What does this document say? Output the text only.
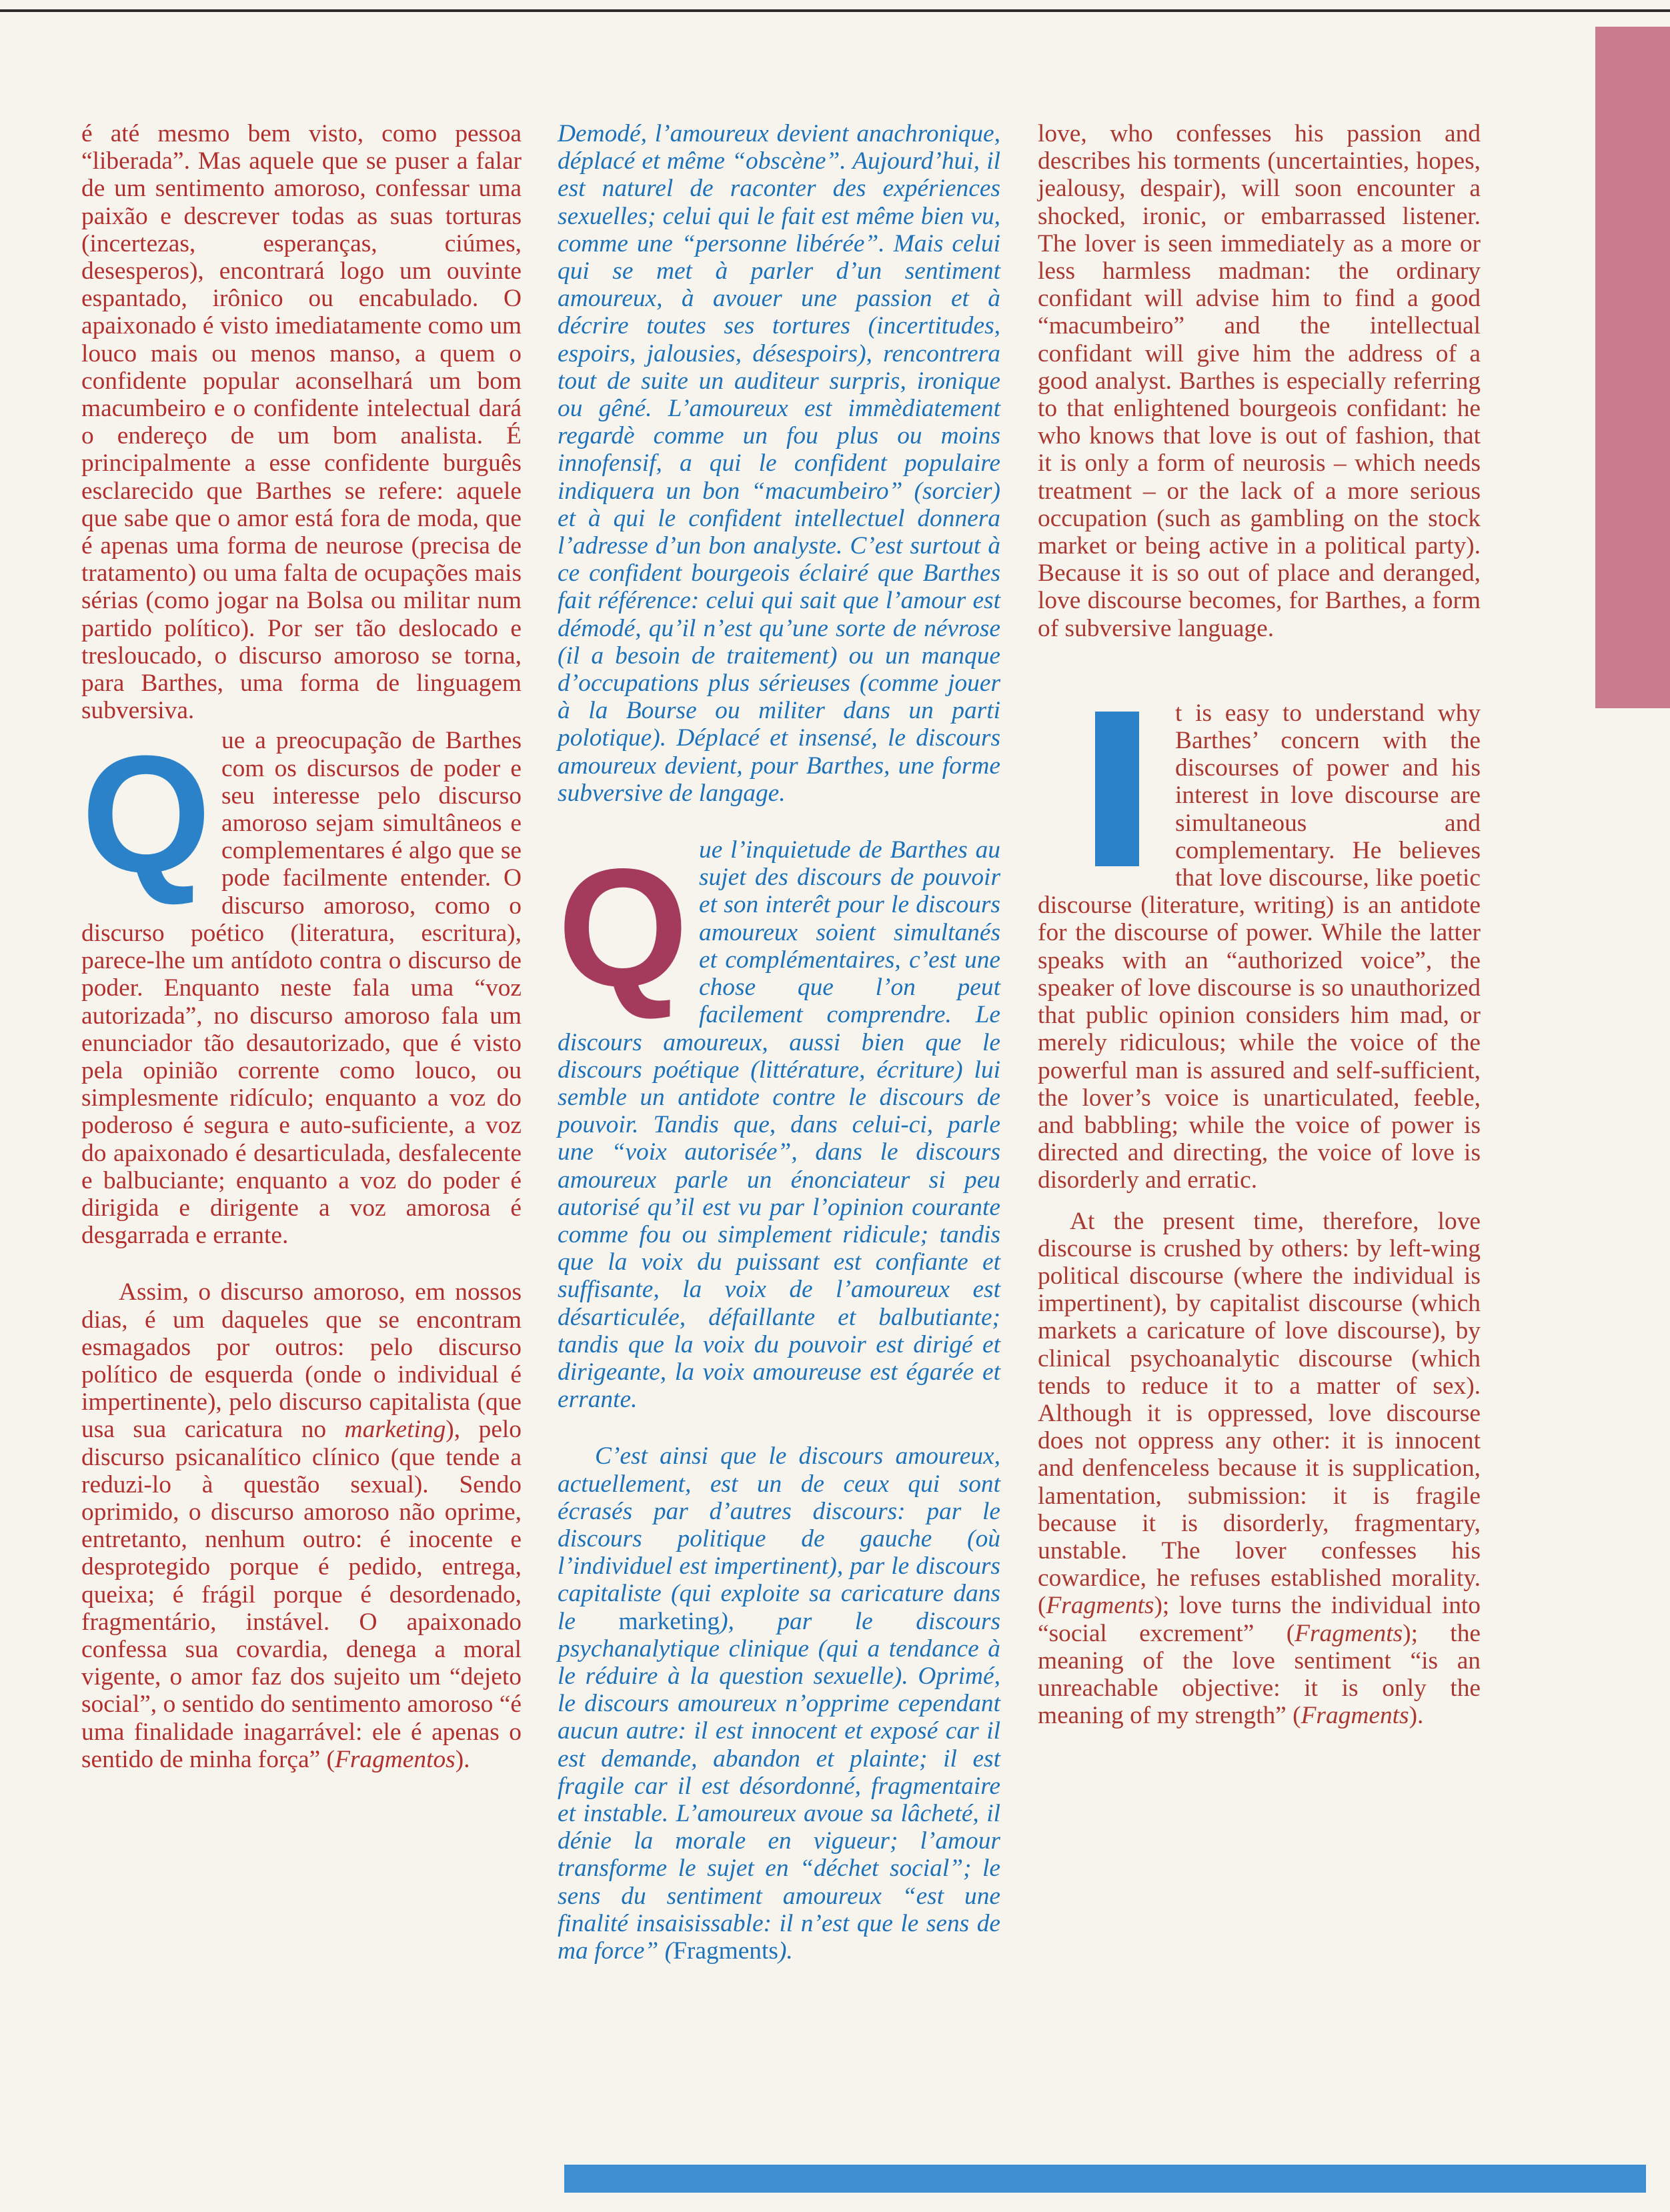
é até mesmo bem visto, como pessoa “liberada”. Mas aquele que se puser a falar de um sentimento amoroso, confessar uma paixão e descrever todas as suas torturas (incertezas, esperanças, ciúmes, desesperos), encontrará logo um ouvinte espantado, irônico ou encabulado. O apaixonado é visto imediatamente como um louco mais ou menos manso, a quem o confidente popular aconselhará um bom macumbeiro e o confidente intelectual dará o endereço de um bom analista. É principalmente a esse confidente burguês esclarecido que Barthes se refere: aquele que sabe que o amor está fora de moda, que é apenas uma forma de neurose (precisa de tratamento) ou uma falta de ocupações mais sérias (como jogar na Bolsa ou militar num partido político). Por ser tão deslocado e tresloucado, o discurso amoroso se torna, para Barthes, uma forma de linguagem subversiva.

Que a preocupação de Barthes com os discursos de poder e seu interesse pelo discurso amoroso sejam simultâneos e complementares é algo que se pode facilmente entender. O discurso amoroso, como o discurso poético (literatura, escritura), parece-lhe um antídoto contra o discurso de poder. Enquanto neste fala uma “voz autorizada”, no discurso amoroso fala um enunciador tão desautorizado, que é visto pela opinião corrente como louco, ou simplesmente ridículo; enquanto a voz do poderoso é segura e auto-suficiente, a voz do apaixonado é desarticulada, desfalecente e balbuciante; enquanto a voz do poder é dirigida e dirigente a voz amorosa é desgarrada e errante.

Assim, o discurso amoroso, em nossos dias, é um daqueles que se encontram esmagados por outros: pelo discurso político de esquerda (onde o individual é impertinente), pelo discurso capitalista (que usa sua caricatura no marketing), pelo discurso psicanalítico clínico (que tende a reduzi-lo à questão sexual). Sendo oprimido, o discurso amoroso não oprime, entretanto, nenhum outro: é inocente e desprotegido porque é pedido, entrega, queixa; é frágil porque é desordenado, fragmentário, instável. O apaixonado confessa sua covardia, denega a moral vigente, o amor faz dos sujeito um “dejeto social”, o sentido do sentimento amoroso “é uma finalidade inagarrável: ele é apenas o sentido de minha força” (Fragmentos).

Demodé, l’amoureux devient anachronique, déplacé et même “obscène”. Aujourd’hui, il est naturel de raconter des expériences sexuelles; celui qui le fait est même bien vu, comme une “personne libérée”. Mais celui qui se met à parler d’un sentiment amoureux, à avouer une passion et à décrire toutes ses tortures (incertitudes, espoirs, jalousies, désespoirs), rencontrera tout de suite un auditeur surpris, ironique ou gêné. L’amoureux est immèdiatement regardè comme un fou plus ou moins innofensif, a qui le confident populaire indiquera un bon “macumbeiro” (sorcier) et à qui le confident intellectuel donnera l’adresse d’un bon analyste. C’est surtout à ce confident bourgeois éclairé que Barthes fait référence: celui qui sait que l’amour est démodé, qu’il n’est qu’une sorte de névrose (il a besoin de traitement) ou un manque d’occupations plus sérieuses (comme jouer à la Bourse ou militer dans un parti polotique). Déplacé et insensé, le discours amoureux devient, pour Barthes, une forme subversive de langage.

Que l’inquietude de Barthes au sujet des discours de pouvoir et son interêt pour le discours amoureux soient simultanés et complémentaires, c’est une chose que l’on peut facilement comprendre. Le discours amoureux, aussi bien que le discours poétique (littérature, écriture) lui semble un antidote contre le discours de pouvoir. Tandis que, dans celui-ci, parle une “voix autorisée”, dans le discours amoureux parle un énonciateur si peu autorisé qu’il est vu par l’opinion courante comme fou ou simplement ridicule; tandis que la voix du puissant est confiante et suffisante, la voix de l’amoureux est désarticulée, défaillante et balbutiante; tandis que la voix du pouvoir est dirigé et dirigeante, la voix amoureuse est égarée et errante.

C’est ainsi que le discours amoureux, actuellement, est un de ceux qui sont écrasés par d’autres discours: par le discours politique de gauche (où l’individuel est impertinent), par le discours capitaliste (qui exploite sa caricature dans le marketing), par le discours psychanalytique clinique (qui a tendance à le réduire à la question sexuelle). Oprimé, le discours amoureux n’opprime cependant aucun autre: il est innocent et exposé car il est demande, abandon et plainte; il est fragile car il est désordonné, fragmentaire et instable. L’amoureux avoue sa lâcheté, il dénie la morale en vigueur; l’amour transforme le sujet en “déchet social”; le sens du sentiment amoureux “est une finalité insaisissable: il n’est que le sens de ma force” (Fragments).

love, who confesses his passion and describes his torments (uncertainties, hopes, jealousy, despair), will soon encounter a shocked, ironic, or embarrassed listener. The lover is seen immediately as a more or less harmless madman: the ordinary confidant will advise him to find a good “macumbeiro” and the intellectual confidant will give him the address of a good analyst. Barthes is especially referring to that enlightened bourgeois confidant: he who knows that love is out of fashion, that it is only a form of neurosis – which needs treatment – or the lack of a more serious occupation (such as gambling on the stock market or being active in a political party). Because it is so out of place and deranged, love discourse becomes, for Barthes, a form of subversive language.

I	t is easy to understand why Barthes’ concern with the discourses of power and his interest in love discourse are simultaneous and complementary. He believes that love discourse, like poetic discourse (literature, writing) is an antidote for the discourse of power. While the latter speaks with an “authorized voice”, the speaker of love discourse is so unauthorized that public opinion considers him mad, or merely ridiculous; while the voice of the powerful man is assured and self-sufficient, the lover’s voice is unarticulated, feeble, and babbling; while the voice of power is directed and directing, the voice of love is disorderly and erratic.

At the present time, therefore, love discourse is crushed by others: by left-wing political discourse (where the individual is impertinent), by capitalist discourse (which markets a caricature of love discourse), by clinical psychoanalytic discourse (which tends to reduce it to a matter of sex). Although it is oppressed, love discourse does not oppress any other: it is innocent and denfenceless because it is supplication, lamentation, submission: it is fragile because it is disorderly, fragmentary, unstable. The lover confesses his cowardice, he refuses established morality. (Fragments); love turns the individual into “social excrement” (Fragments); the meaning of the love sentiment “is an unreachable objective: it is only the meaning of my strength” (Fragments).
